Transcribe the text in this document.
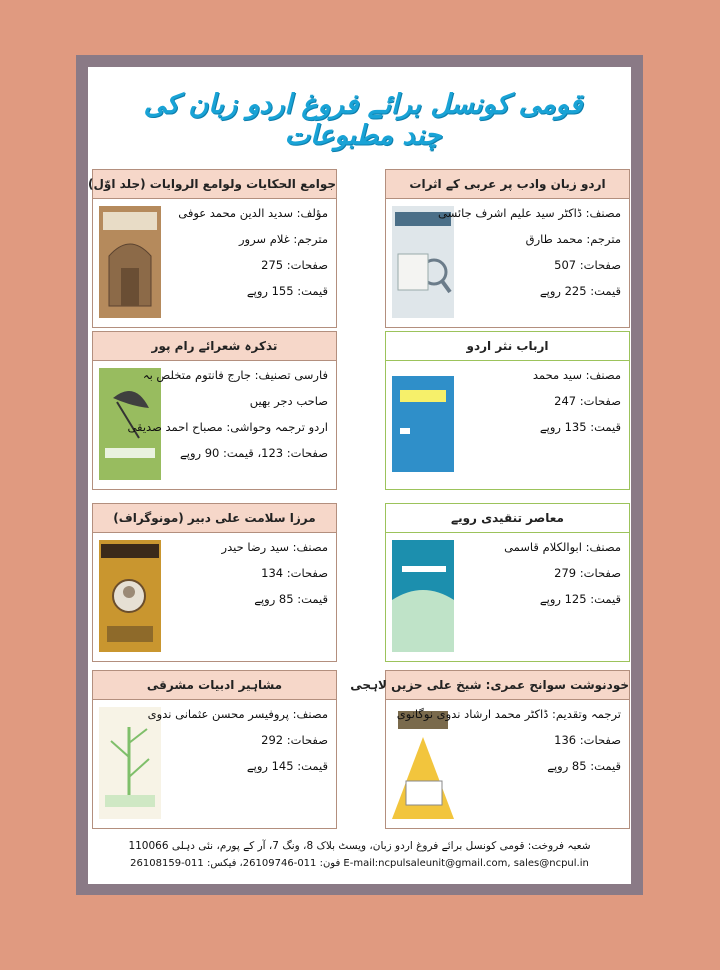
قومی کونسل برائے فروغ اردو زبان کی چند مطبوعات
اردو زبان وادب پر عربی کے اثرات
مصنف: ڈاکٹر سید علیم اشرف جائسی
مترجم: محمد طارق
صفحات: 507
قیمت: 225 روپے
جوامع الحکایات ولوامع الروایات (جلد اوّل)
مؤلف: سدید الدین محمد عوفی
مترجم: غلام سرور
صفحات: 275
قیمت: 155 روپے
ارباب نثر اردو
مصنف: سید محمد
صفحات: 247
قیمت: 135 روپے
تذکرہ شعرائے رام پور
فارسی تصنیف: جارج فانتوم متخلص بہ
صاحب دجر بھیں
اردو ترجمہ وحواشی: مصباح احمد صدیقی
صفحات: 123، قیمت: 90 روپے
معاصر تنقیدی رویے
مصنف: ابوالکلام قاسمی
صفحات: 279
قیمت: 125 روپے
مرزا سلامت علی دبیر (مونوگراف)
مصنف: سید رضا حیدر
صفحات: 134
قیمت: 85 روپے
خودنوشت سوانح عمری: شیخ علی حزیں لاہجی
ترجمہ وتقدیم: ڈاکٹر محمد ارشاد ندوی نوگانوی
صفحات: 136
قیمت: 85 روپے
مشاہیر ادبیات مشرقی
مصنف: پروفیسر محسن عثمانی ندوی
صفحات: 292
قیمت: 145 روپے
شعبہ فروخت: قومی کونسل برائے فروغ اردو زبان، ویسٹ بلاک 8، ونگ 7، آر کے پورم، نئی دہلی 110066
فون: 011-26109746، فیکس: 011-26108159 E-mail:ncpulsaleunit@gmail.com, sales@ncpul.in
